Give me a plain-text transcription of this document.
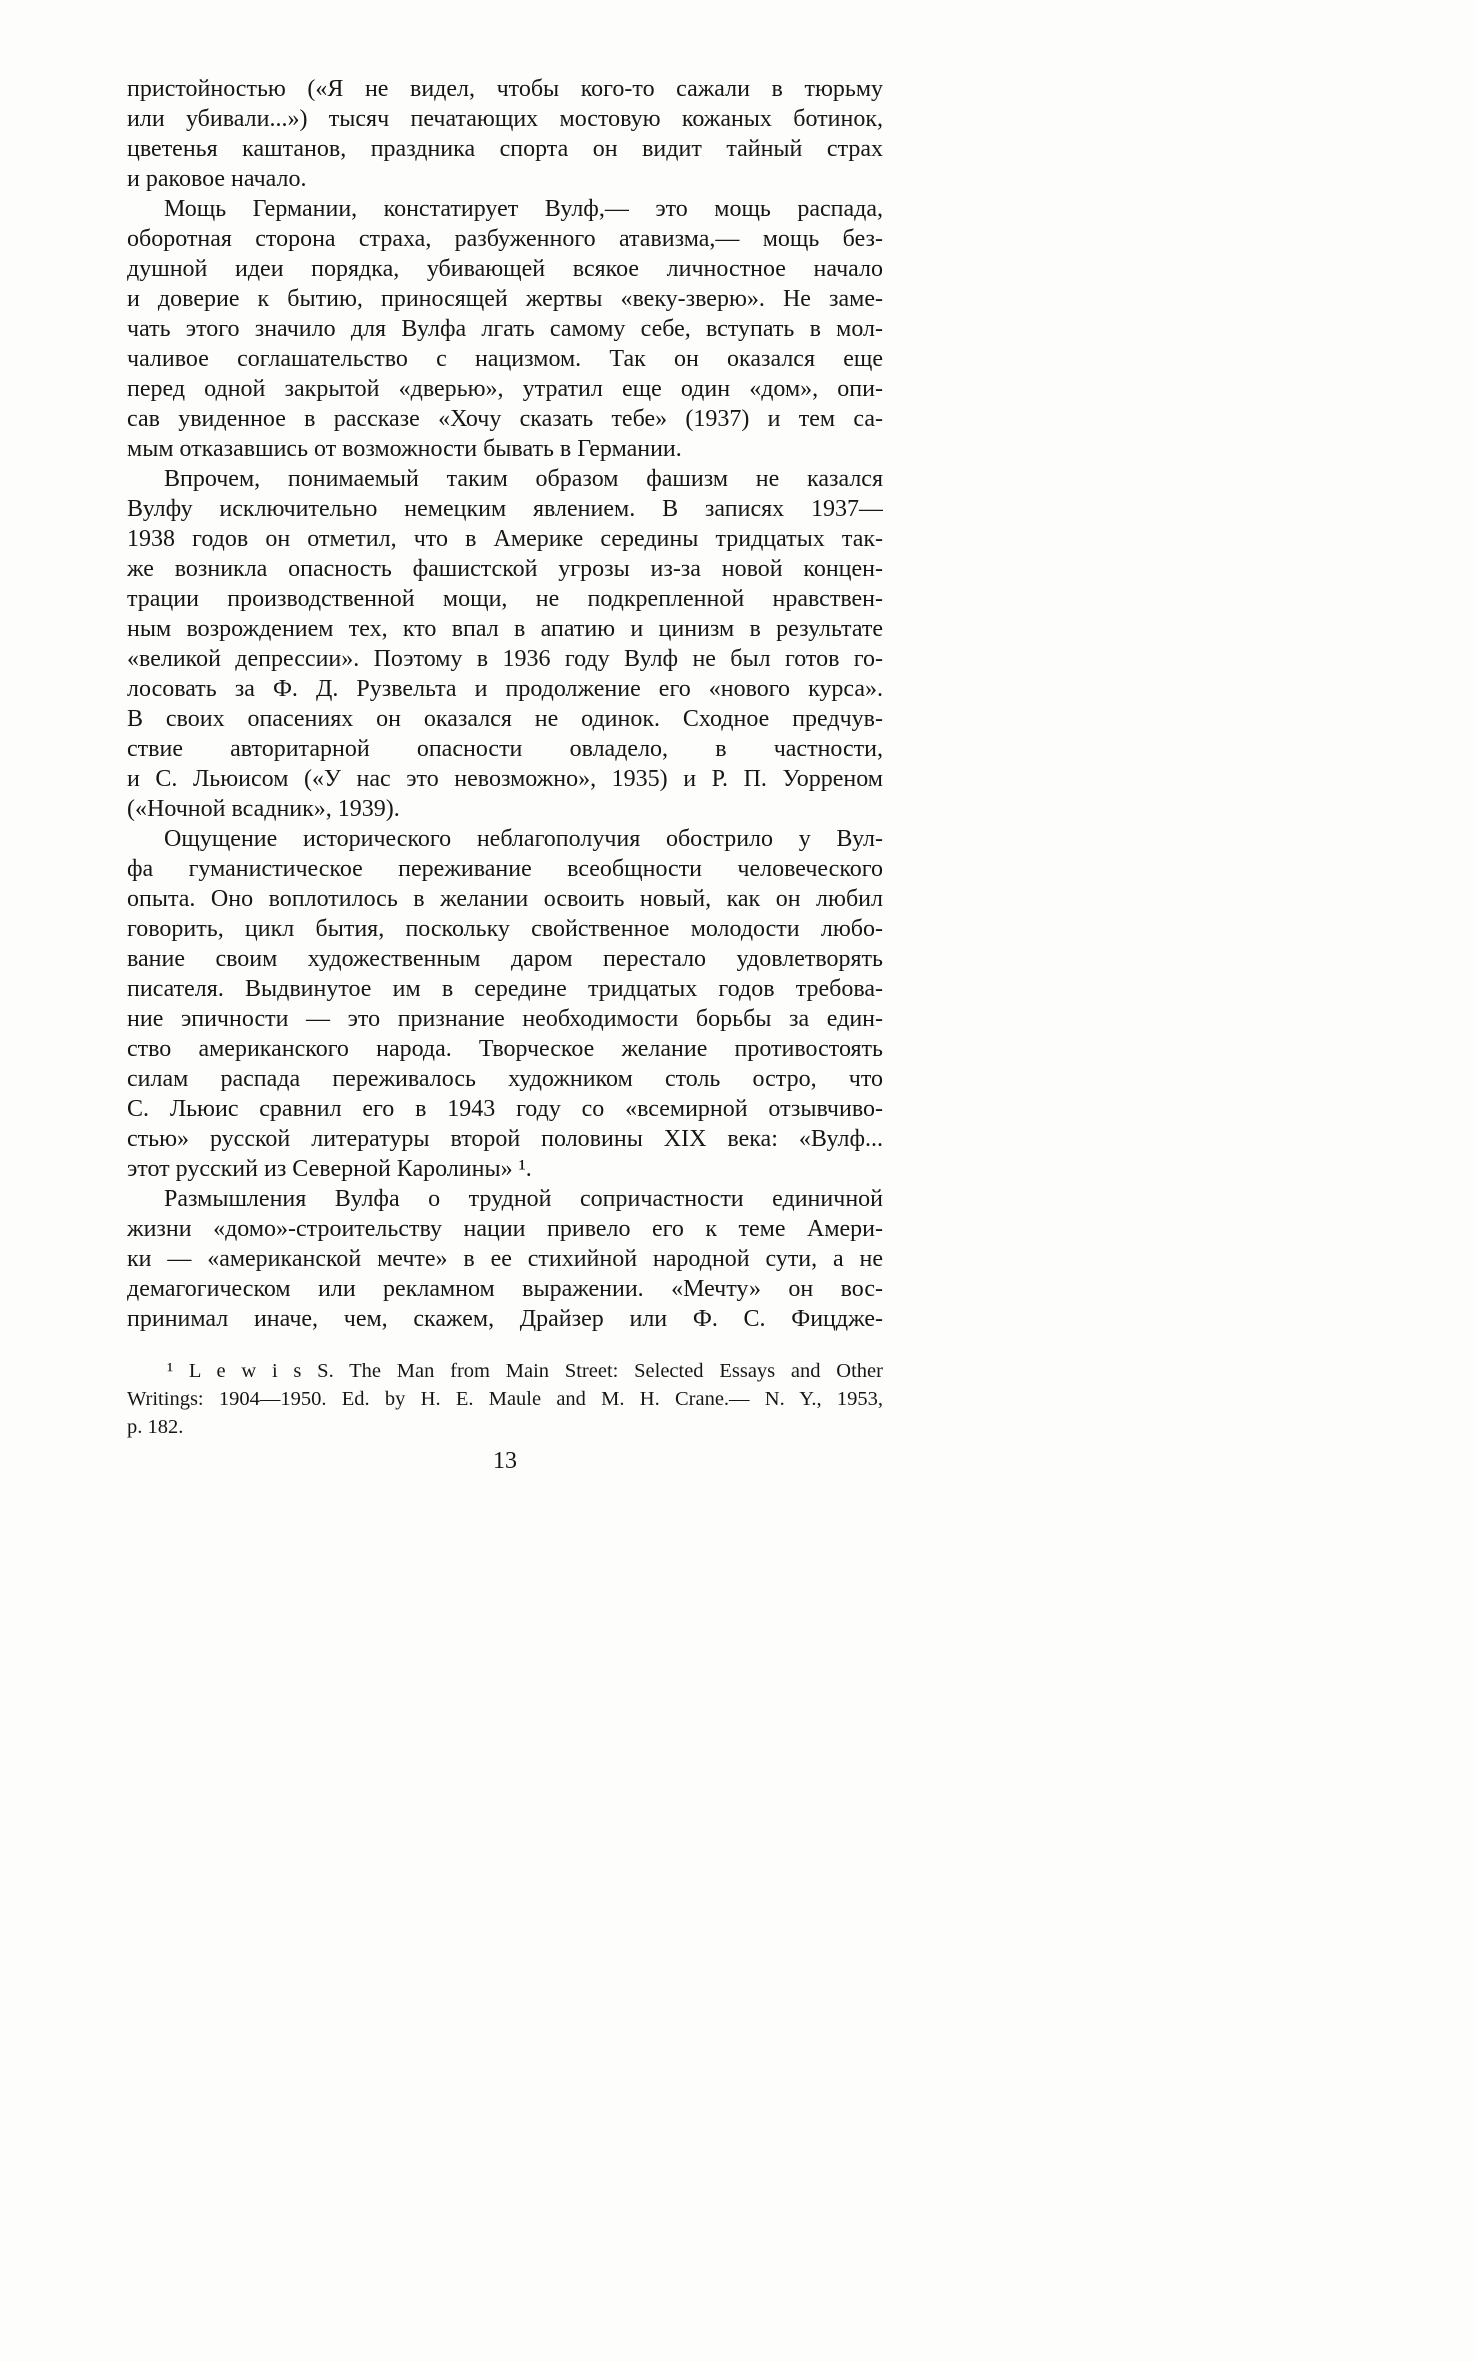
пристойностью («Я не видел, чтобы кого-то сажали в тюрьму
или убивали...») тысяч печатающих мостовую кожаных ботинок,
цветенья каштанов, праздника спорта он видит тайный страх
и раковое начало.
Мощь Германии, констатирует Вулф,— это мощь распада,
оборотная сторона страха, разбуженного атавизма,— мощь без-
душной идеи порядка, убивающей всякое личностное начало
и доверие к бытию, приносящей жертвы «веку-зверю». Не заме-
чать этого значило для Вулфа лгать самому себе, вступать в мол-
чаливое соглашательство с нацизмом. Так он оказался еще
перед одной закрытой «дверью», утратил еще один «дом», опи-
сав увиденное в рассказе «Хочу сказать тебе» (1937) и тем са-
мым отказавшись от возможности бывать в Германии.
Впрочем, понимаемый таким образом фашизм не казался
Вулфу исключительно немецким явлением. В записях 1937—
1938 годов он отметил, что в Америке середины тридцатых так-
же возникла опасность фашистской угрозы из-за новой концен-
трации производственной мощи, не подкрепленной нравствен-
ным возрождением тех, кто впал в апатию и цинизм в результате
«великой депрессии». Поэтому в 1936 году Вулф не был готов го-
лосовать за Ф. Д. Рузвельта и продолжение его «нового курса».
В своих опасениях он оказался не одинок. Сходное предчув-
ствие авторитарной опасности овладело, в частности,
и С. Льюисом («У нас это невозможно», 1935) и Р. П. Уорреном
(«Ночной всадник», 1939).
Ощущение исторического неблагополучия обострило у Вул-
фа гуманистическое переживание всеобщности человеческого
опыта. Оно воплотилось в желании освоить новый, как он любил
говорить, цикл бытия, поскольку свойственное молодости любо-
вание своим художественным даром перестало удовлетворять
писателя. Выдвинутое им в середине тридцатых годов требова-
ние эпичности — это признание необходимости борьбы за един-
ство американского народа. Творческое желание противостоять
силам распада переживалось художником столь остро, что
С. Льюис сравнил его в 1943 году со «всемирной отзывчиво-
стью» русской литературы второй половины XIX века: «Вулф...
этот русский из Северной Каролины» ¹.
Размышления Вулфа о трудной сопричастности единичной
жизни «домо»-строительству нации привело его к теме Амери-
ки — «американской мечте» в ее стихийной народной сути, а не
демагогическом или рекламном выражении. «Мечту» он вос-
принимал иначе, чем, скажем, Драйзер или Ф. С. Фицдже-
¹ L e w i s S. The Man from Main Street: Selected Essays and Other
Writings: 1904—1950. Ed. by H. E. Maule and M. H. Crane.— N. Y., 1953,
p. 182.
13
